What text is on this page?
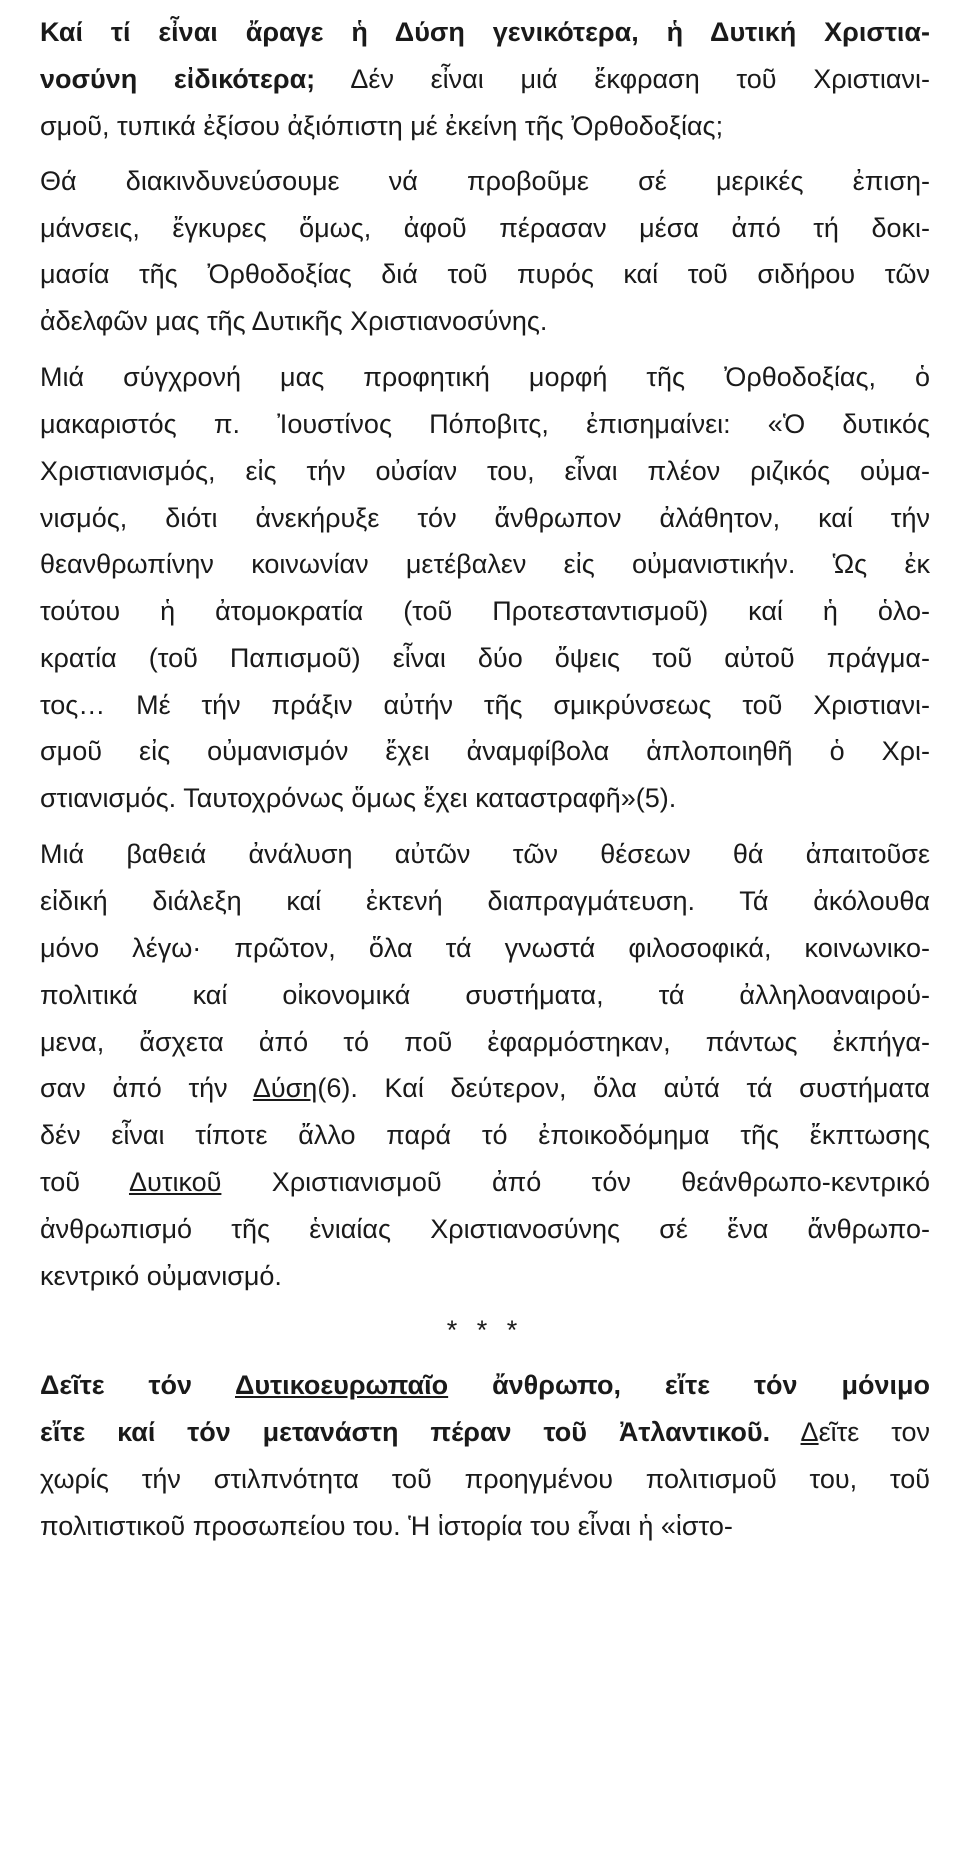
Καί τί εἶναι ἄραγε ἡ Δύση γενικότερα, ἡ Δυτική Χριστια-
νοσύνη εἰδικότερα; Δέν εἶναι μιά ἔκφραση τοῦ Χριστιανι-
σμοῦ, τυπικά ἐξίσου ἀξιόπιστη μέ ἐκείνη τῆς Ὀρθοδοξίας;
Θά διακινδυνεύσουμε νά προβοῦμε σέ μερικές ἐπιση-
μάνσεις, ἔγκυρες ὅμως, ἀφοῦ πέρασαν μέσα ἀπό τή δοκι-
μασία τῆς Ὀρθοδοξίας διά τοῦ πυρός καί τοῦ σιδήρου τῶν
ἀδελφῶν μας τῆς Δυτικῆς Χριστιανοσύνης.
Μιά σύγχρονή μας προφητική μορφή τῆς Ὀρθοδοξίας, ὁ
μακαριστός π. Ἰουστίνος Πόποβιτς, ἐπισημαίνει: «Ὁ δυτικός
Χριστιανισμός, εἰς τήν οὐσίαν του, εἶναι πλέον ριζικός οὐμα-
νισμός, διότι ἀνεκήρυξε τόν ἄνθρωπον ἀλάθητον, καί τήν
θεανθρωπίνην κοινωνίαν μετέβαλεν εἰς οὐμανιστικήν. Ὡς ἐκ
τούτου ἡ ἀτομοκρατία (τοῦ Προτεσταντισμοῦ) καί ἡ ὁλο-
κρατία (τοῦ Παπισμοῦ) εἶναι δύο ὄψεις τοῦ αὐτοῦ πράγμα-
τος… Μέ τήν πράξιν αὐτήν τῆς σμικρύνσεως τοῦ Χριστιανι-
σμοῦ εἰς οὐμανισμόν ἔχει ἀναμφίβολα ἁπλοποιηθῆ ὁ Χρι-
στιανισμός. Ταυτοχρόνως ὅμως ἔχει καταστραφῆ»(5).
Μιά βαθειά ἀνάλυση αὐτῶν τῶν θέσεων θά ἀπαιτοῦσε
εἰδική διάλεξη καί ἐκτενή διαπραγμάτευση. Τά ἀκόλουθα
μόνο λέγω· πρῶτον, ὅλα τά γνωστά φιλοσοφικά, κοινωνικο-
πολιτικά καί οἰκονομικά συστήματα, τά ἀλληλοαναιρού-
μενα, ἄσχετα ἀπό τό ποῦ ἐφαρμόστηκαν, πάντως ἐκπήγα-
σαν ἀπό τήν Δύση(6). Καί δεύτερον, ὅλα αὐτά τά συστήματα
δέν εἶναι τίποτε ἄλλο παρά τό ἐποικοδόμημα τῆς ἔκπτωσης
τοῦ Δυτικοῦ Χριστιανισμοῦ ἀπό τόν θεάνθρωπο-κεντρικό
ἀνθρωπισμό τῆς ἑνιαίας Χριστιανοσύνης σέ ἕνα ἄνθρωπο-
κεντρικό οὐμανισμό.
* * *
Δεῖτε τόν Δυτικοευρωπαῖο ἄνθρωπο, εἴτε τόν μόνιμο
εἴτε καί τόν μετανάστη πέραν τοῦ Ἀτλαντικοῦ. Δεῖτε τον
χωρίς τήν στιλπνότητα τοῦ προηγμένου πολιτισμοῦ του, τοῦ
πολιτιστικοῦ προσωπείου του. Ἡ ἱστορία του εἶναι ἡ «ἱστο-
